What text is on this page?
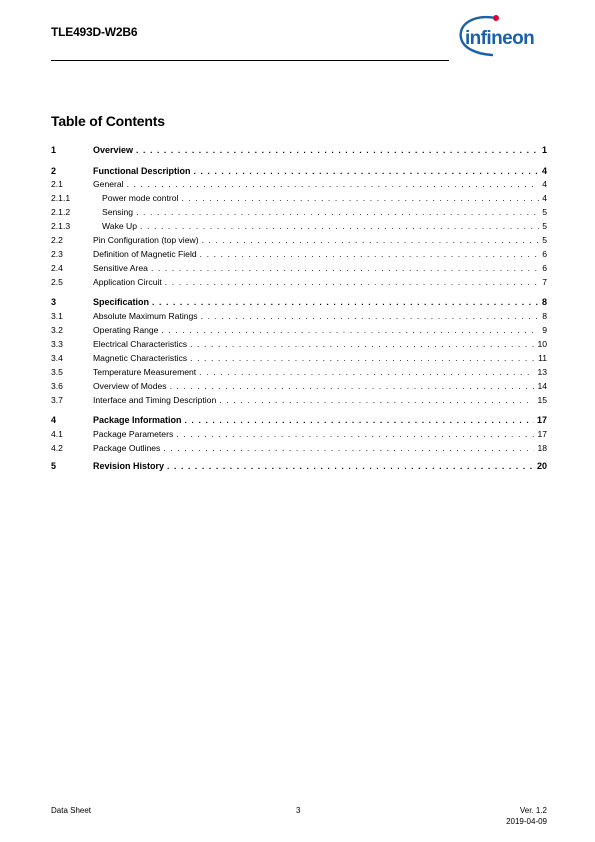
TLE493D-W2B6	infineon
Table of Contents
1	Overview . . .	1
2	Functional Description . . .	4
2.1	General . . .	4
2.1.1	Power mode control . . .	4
2.1.2	Sensing . . .	5
2.1.3	Wake Up . . .	5
2.2	Pin Configuration (top view) . . .	5
2.3	Definition of Magnetic Field . . .	6
2.4	Sensitive Area . . .	6
2.5	Application Circuit . . .	7
3	Specification . . .	8
3.1	Absolute Maximum Ratings . . .	8
3.2	Operating Range . . .	9
3.3	Electrical Characteristics . . .	10
3.4	Magnetic Characteristics . . .	11
3.5	Temperature Measurement . . .	13
3.6	Overview of Modes . . .	14
3.7	Interface and Timing Description . . .	15
4	Package Information . . .	17
4.1	Package Parameters . . .	17
4.2	Package Outlines . . .	18
5	Revision History . . .	20
Data Sheet	3	Ver. 1.2
2019-04-09
